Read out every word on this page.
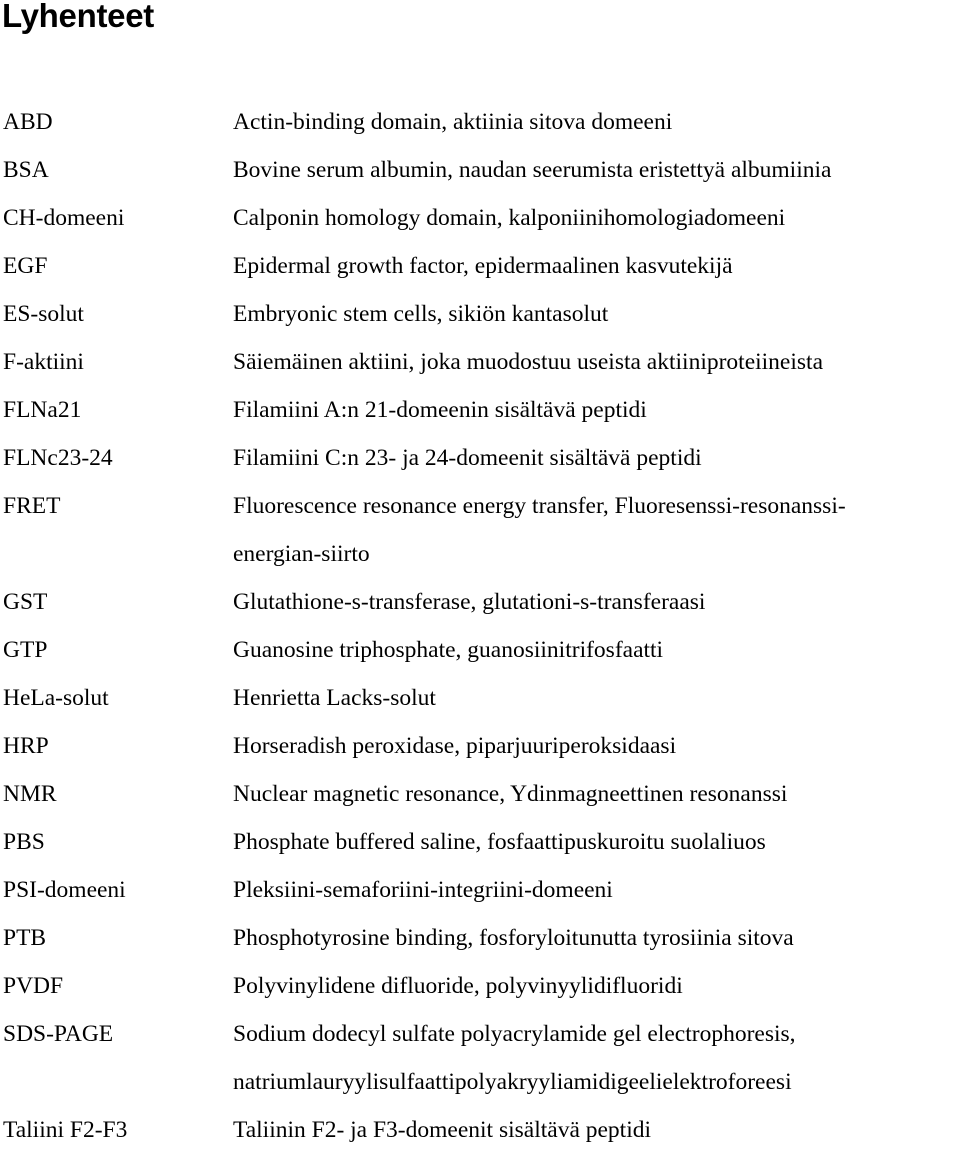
Lyhenteet
ABD	Actin-binding domain, aktiinia sitova domeeni
BSA	Bovine serum albumin, naudan seerumista eristettyä albumiinia
CH-domeeni	Calponin homology domain, kalponiinihomologiadomeeni
EGF	Epidermal growth factor, epidermaalinen kasvutekijä
ES-solut	Embryonic stem cells, sikiön kantasolut
F-aktiini	Säiemäinen aktiini, joka muodostuu useista aktiiniproteiineista
FLNa21	Filamiini A:n 21-domeenin sisältävä peptidi
FLNc23-24	Filamiini C:n 23- ja 24-domeenit sisältävä peptidi
FRET	Fluorescence resonance energy transfer, Fluoresenssi-resonanssi-
energian-siirto
GST	Glutathione-s-transferase, glutationi-s-transferaasi
GTP	Guanosine triphosphate, guanosiinitrifosfaatti
HeLa-solut	Henrietta Lacks-solut
HRP	Horseradish peroxidase, piparjuuriperoksidaasi
NMR	Nuclear magnetic resonance, Ydinmagneettinen resonanssi
PBS	Phosphate buffered saline, fosfaattipuskuroitu suolaliuos
PSI-domeeni	Pleksiini-semaforiini-integriini-domeeni
PTB	Phosphotyrosine binding, fosforyloitunutta tyrosiinia sitova
PVDF	Polyvinylidene difluoride, polyvinyylidifluoridi
SDS-PAGE	Sodium dodecyl sulfate polyacrylamide gel electrophoresis,
natriumlauryylisulfaattipolyakryyliamidigeelielektroforeesi
Taliini F2-F3	Taliinin F2- ja F3-domeenit sisältävä peptidi
